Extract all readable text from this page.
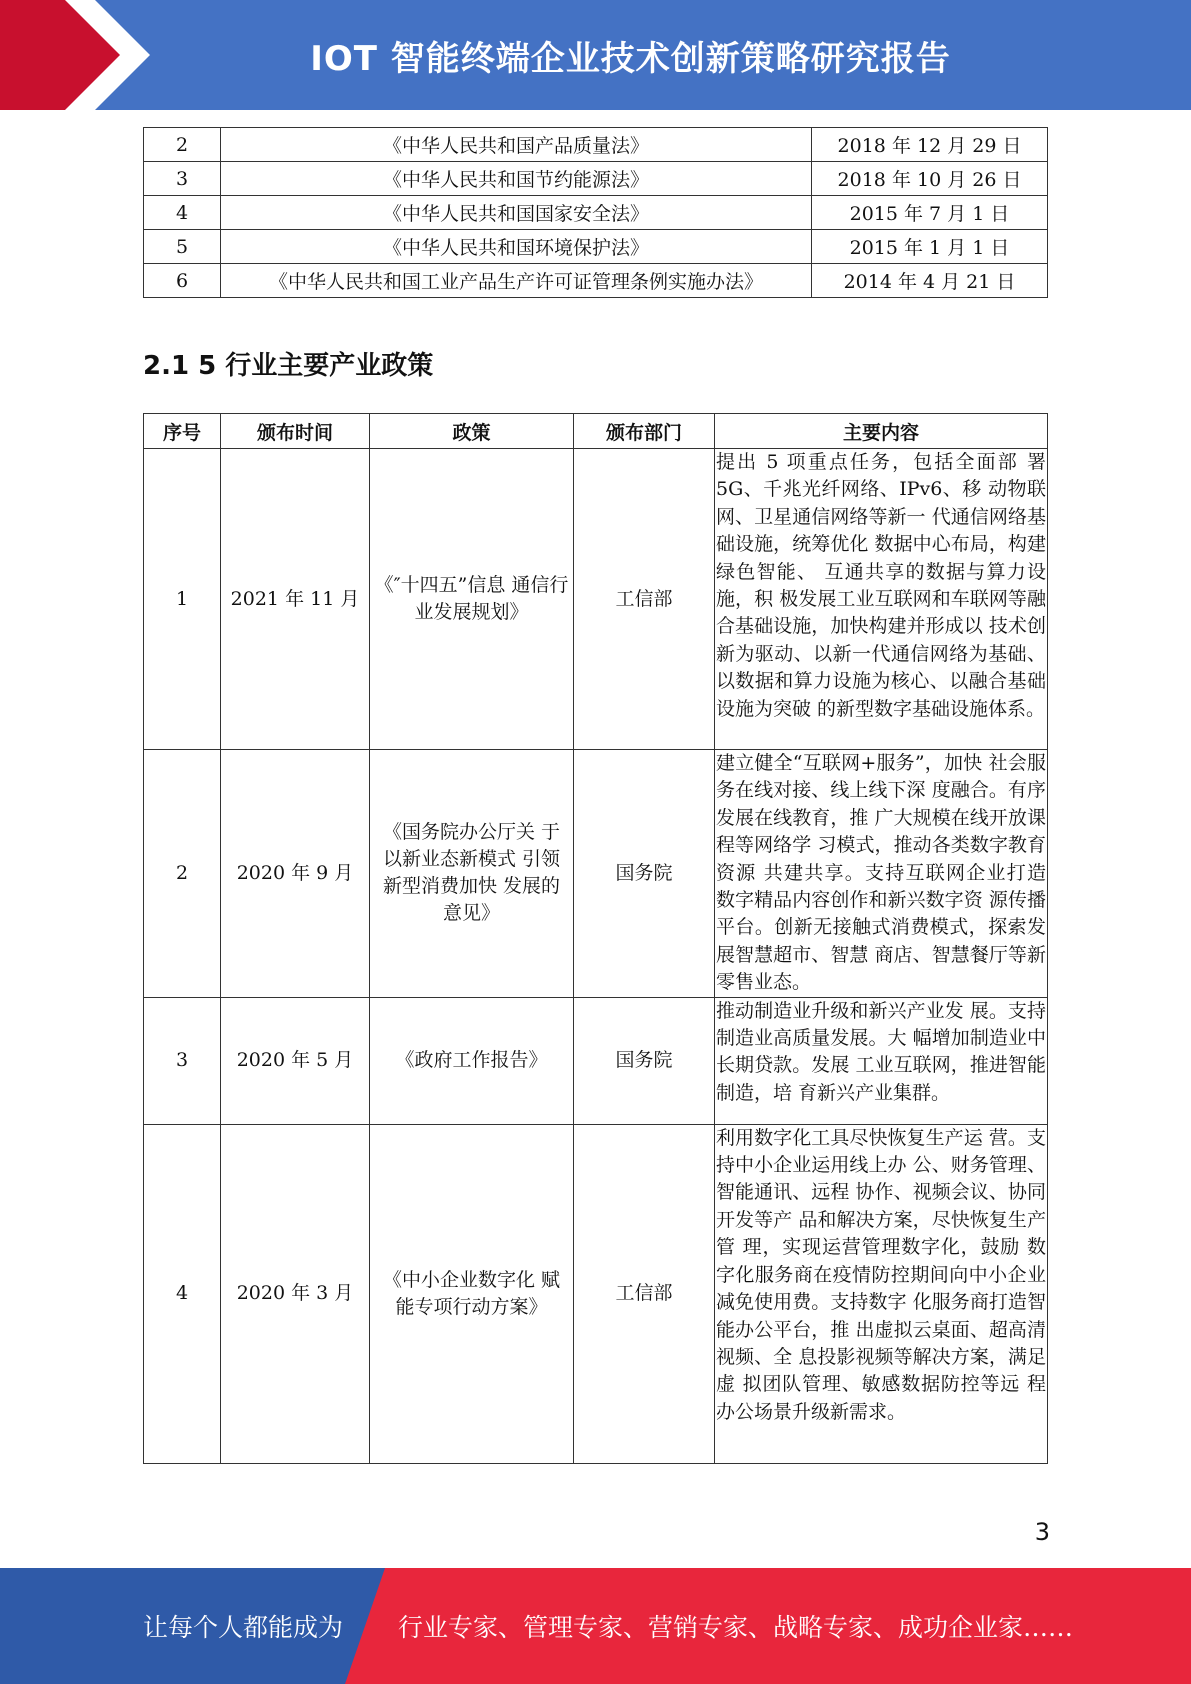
IOT 智能终端企业技术创新策略研究报告
2	《中华人民共和国产品质量法》	2018 年 12 月 29 日
3	《中华人民共和国节约能源法》	2018 年 10 月 26 日
4	《中华人民共和国国家安全法》	2015 年 7 月 1 日
5	《中华人民共和国环境保护法》	2015 年 1 月 1 日
6	《中华人民共和国工业产品生产许可证管理条例实施办法》	2014 年 4 月 21 日
2.1 5 行业主要产业政策
序号	颁布时间	政策	颁布部门	主要内容
1	2021 年 11 月	《″十四五”信息 通信行业发展规划》	工信部	提出 5 项重点任务，包括全面部 署 5G、千兆光纤网络、IPv6、移 动物联网、卫星通信网络等新一 代通信网络基础设施，统筹优化 数据中心布局，构建绿色智能、 互通共享的数据与算力设施，积 极发展工业互联网和车联网等融 合基础设施，加快构建并形成以 技术创新为驱动、以新一代通信网络为基础、以数据和算力设施为核心、以融合基础设施为突破 的新型数字基础设施体系。
2	2020 年 9 月	《国务院办公厅关 于以新业态新模式 引领新型消费加快 发展的意见》	国务院	建立健全“互联网+服务”，加快 社会服务在线对接、线上线下深 度融合。有序发展在线教育，推 广大规模在线开放课程等网络学 习模式，推动各类数字教育资源 共建共享。支持互联网企业打造 数字精品内容创作和新兴数字资 源传播平台。创新无接触式消费模式，探索发展智慧超市、智慧 商店、智慧餐厅等新零售业态。
3	2020 年 5 月	《政府工作报告》	国务院	推动制造业升级和新兴产业发 展。支持制造业高质量发展。大 幅增加制造业中长期贷款。发展 工业互联网，推进智能制造，培 育新兴产业集群。
4	2020 年 3 月	《中小企业数字化 赋能专项行动方案》	工信部	利用数字化工具尽快恢复生产运 营。支持中小企业运用线上办 公、财务管理、智能通讯、远程 协作、视频会议、协同开发等产 品和解决方案，尽快恢复生产管 理，实现运营管理数字化，鼓励 数字化服务商在疫情防控期间向中小企业减免使用费。支持数字 化服务商打造智能办公平台，推 出虚拟云桌面、超高清视频、全 息投影视频等解决方案，满足虚 拟团队管理、敏感数据防控等远 程办公场景升级新需求。
3
让每个人都能成为 行业专家、管理专家、营销专家、战略专家、成功企业家……
